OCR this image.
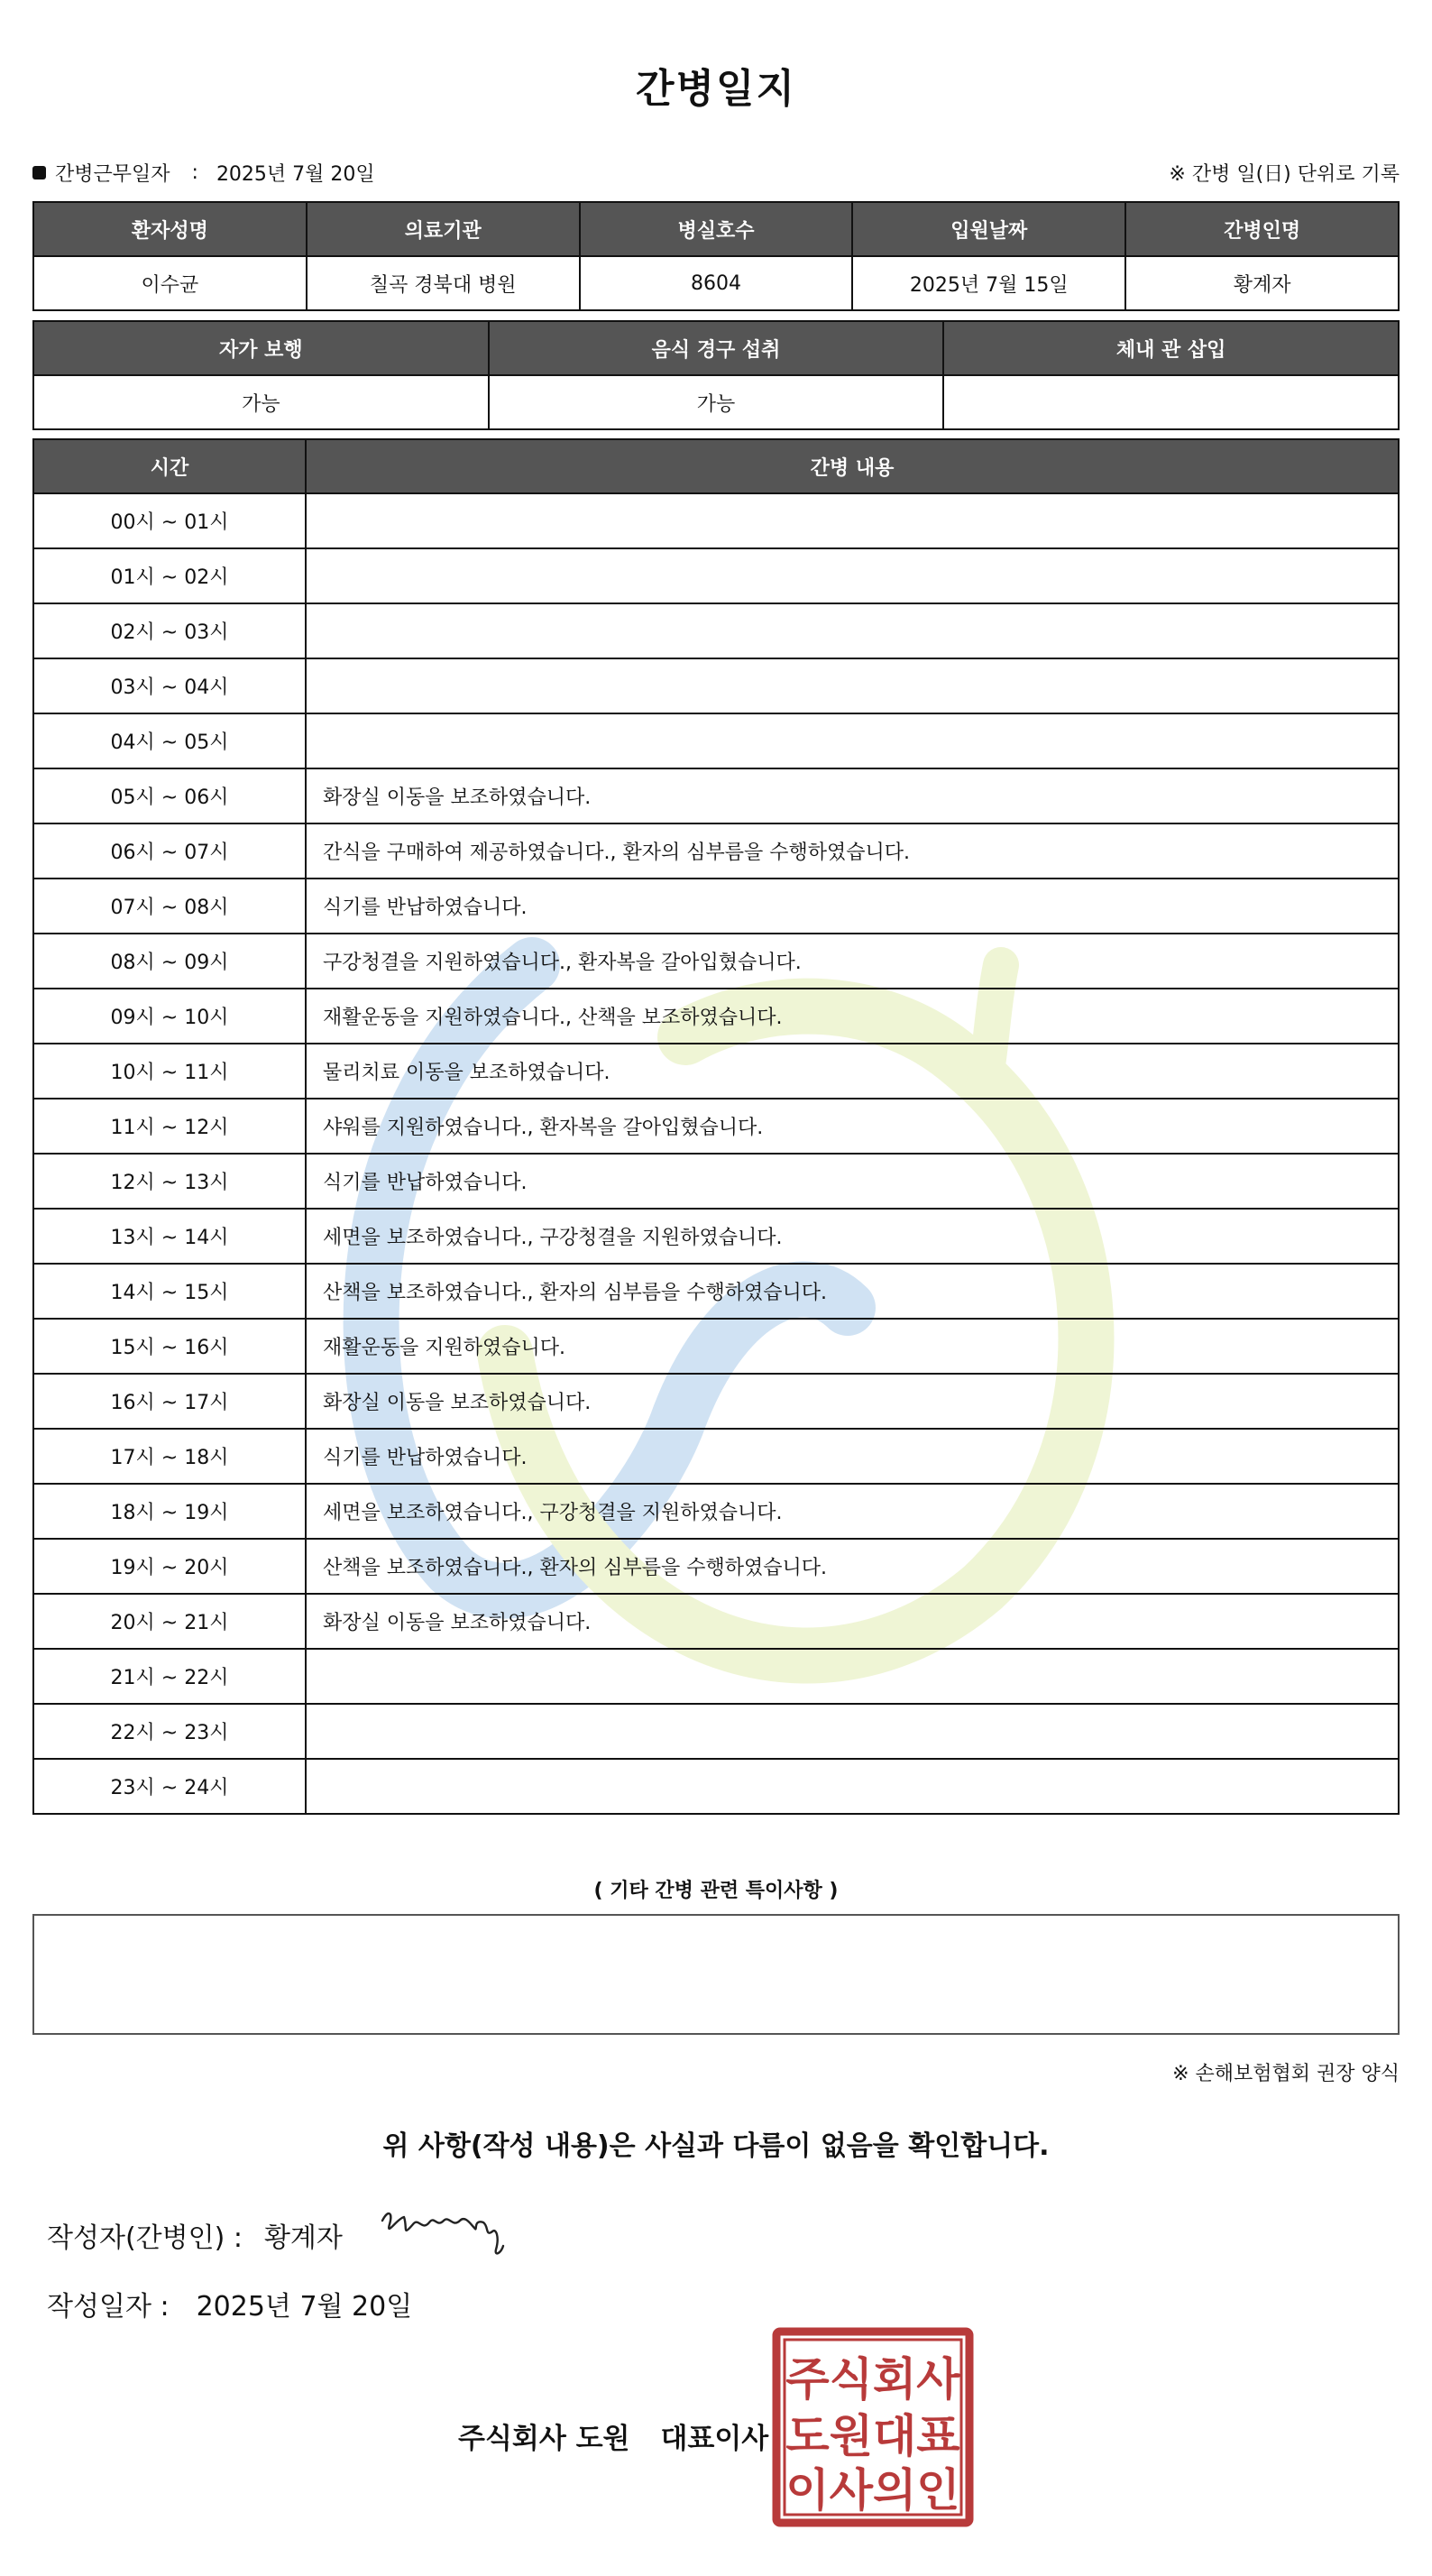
간병일지
간병근무일자 : 2025년 7월 20일	※ 간병 일(日) 단위로 기록
환자성명	의료기관	병실호수	입원날짜	간병인명
이수균	칠곡 경북대 병원	8604	2025년 7월 15일	황계자
자가 보행	음식 경구 섭취	체내 관 삽입
가능	가능	
시간	간병 내용
00시 ~ 01시	
01시 ~ 02시	
02시 ~ 03시	
03시 ~ 04시	
04시 ~ 05시	
05시 ~ 06시	화장실 이동을 보조하였습니다.
06시 ~ 07시	간식을 구매하여 제공하였습니다., 환자의 심부름을 수행하였습니다.
07시 ~ 08시	식기를 반납하였습니다.
08시 ~ 09시	구강청결을 지원하였습니다., 환자복을 갈아입혔습니다.
09시 ~ 10시	재활운동을 지원하였습니다., 산책을 보조하였습니다.
10시 ~ 11시	물리치료 이동을 보조하였습니다.
11시 ~ 12시	샤워를 지원하였습니다., 환자복을 갈아입혔습니다.
12시 ~ 13시	식기를 반납하였습니다.
13시 ~ 14시	세면을 보조하였습니다., 구강청결을 지원하였습니다.
14시 ~ 15시	산책을 보조하였습니다., 환자의 심부름을 수행하였습니다.
15시 ~ 16시	재활운동을 지원하였습니다.
16시 ~ 17시	화장실 이동을 보조하였습니다.
17시 ~ 18시	식기를 반납하였습니다.
18시 ~ 19시	세면을 보조하였습니다., 구강청결을 지원하였습니다.
19시 ~ 20시	산책을 보조하였습니다., 환자의 심부름을 수행하였습니다.
20시 ~ 21시	화장실 이동을 보조하였습니다.
21시 ~ 22시	
22시 ~ 23시	
23시 ~ 24시	
( 기타 간병 관련 특이사항 )
※ 손해보험협회 권장 양식
위 사항(작성 내용)은 사실과 다름이 없음을 확인합니다.
작성자(간병인) : 황계자
작성일자 : 2025년 7월 20일
주식회사 도원 대표이사
주식회사
도원대표
이사의인
